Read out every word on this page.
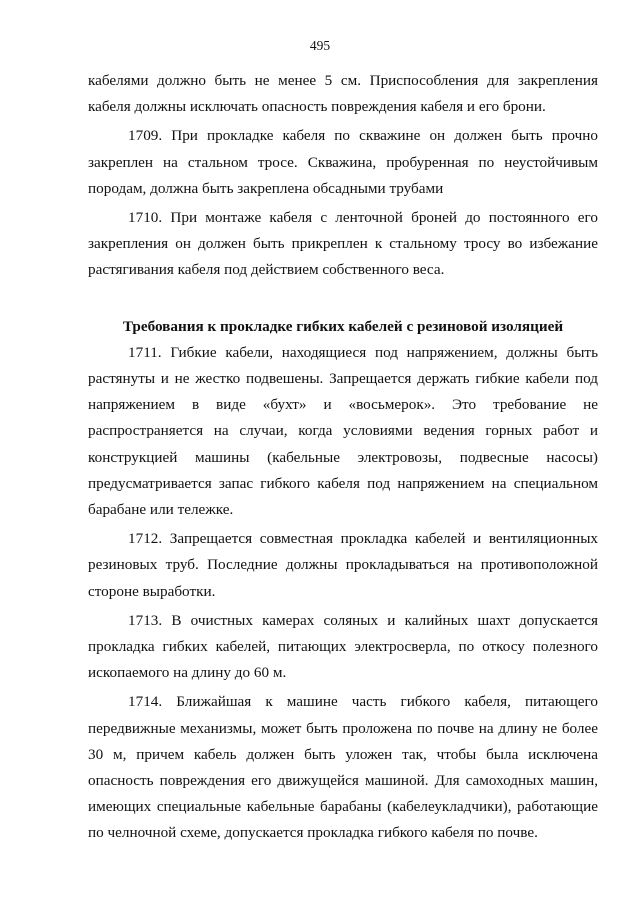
495

кабелями должно быть не менее 5 см. Приспособления для закрепления кабеля должны исключать опасность повреждения кабеля и его брони.

1709. При прокладке кабеля по скважине он должен быть прочно закреплен на стальном тросе. Скважина, пробуренная по неустойчивым породам, должна быть закреплена обсадными трубами

1710. При монтаже кабеля с ленточной броней до постоянного его закрепления он должен быть прикреплен к стальному тросу во избежание растягивания кабеля под действием собственного веса.

Требования к прокладке гибких кабелей с резиновой изоляцией

1711. Гибкие кабели, находящиеся под напряжением, должны быть растянуты и не жестко подвешены. Запрещается держать гибкие кабели под напряжением в виде «бухт» и «восьмерок». Это требование не распространяется на случаи, когда условиями ведения горных работ и конструкцией машины (кабельные электровозы, подвесные насосы) предусматривается запас гибкого кабеля под напряжением на специальном барабане или тележке.

1712. Запрещается совместная прокладка кабелей и вентиляционных резиновых труб. Последние должны прокладываться на противоположной стороне выработки.

1713. В очистных камерах соляных и калийных шахт допускается прокладка гибких кабелей, питающих электросверла, по откосу полезного ископаемого на длину до 60 м.

1714. Ближайшая к машине часть гибкого кабеля, питающего передвижные механизмы, может быть проложена по почве на длину не более 30 м, причем кабель должен быть уложен так, чтобы была исключена опасность повреждения его движущейся машиной. Для самоходных машин, имеющих специальные кабельные барабаны (кабелеукладчики), работающие по челночной схеме, допускается прокладка гибкого кабеля по почве.
